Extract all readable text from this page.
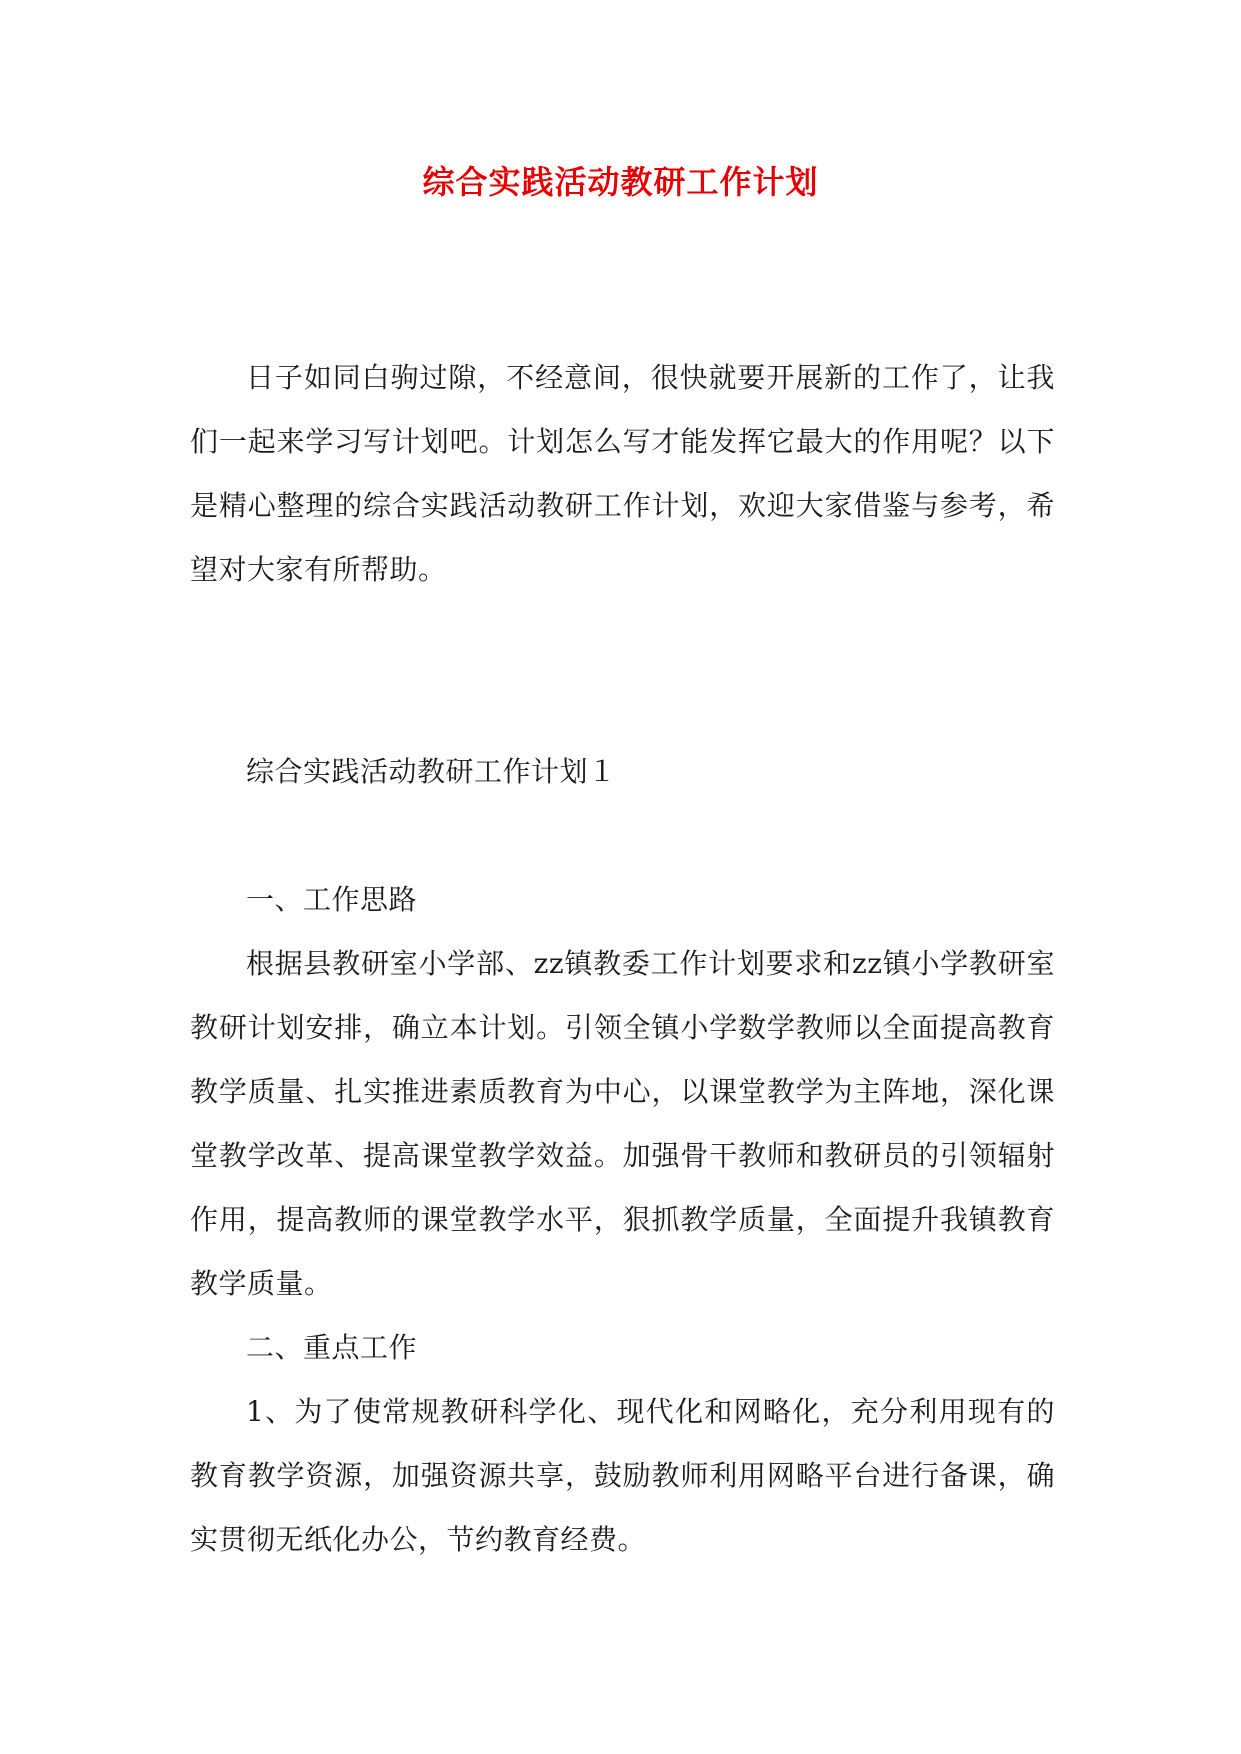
综合实践活动教研工作计划
日子如同白驹过隙，不经意间，很快就要开展新的工作了，让我们一起来学习写计划吧。计划怎么写才能发挥它最大的作用呢？以下是精心整理的综合实践活动教研工作计划，欢迎大家借鉴与参考，希望对大家有所帮助。
综合实践活动教研工作计划１
一、工作思路
根据县教研室小学部、zz镇教委工作计划要求和zz镇小学教研室教研计划安排，确立本计划。引领全镇小学数学教师以全面提高教育教学质量、扎实推进素质教育为中心，以课堂教学为主阵地，深化课堂教学改革、提高课堂教学效益。加强骨干教师和教研员的引领辐射作用，提高教师的课堂教学水平，狠抓教学质量，全面提升我镇教育教学质量。
二、重点工作
1、为了使常规教研科学化、现代化和网略化，充分利用现有的教育教学资源，加强资源共享，鼓励教师利用网略平台进行备课，确实贯彻无纸化办公，节约教育经费。
